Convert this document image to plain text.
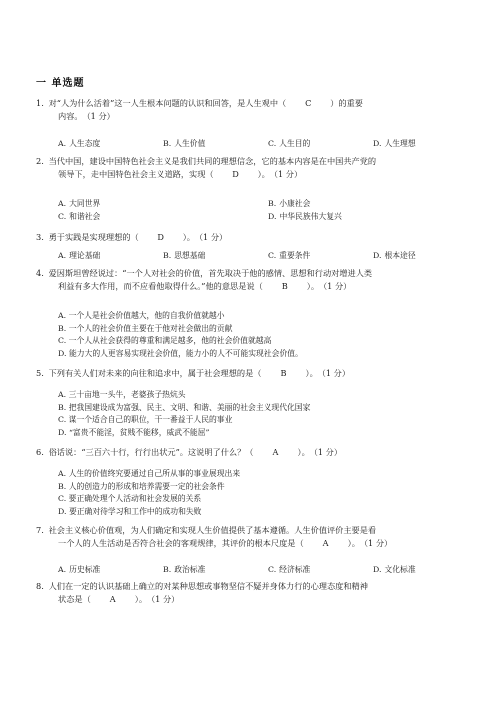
一 单选题
1. 对“人为什么活着”这一人生根本问题的认识和回答，是人生观中（ C ）的重要
内容。 （1 分）
A. 人生态度	B. 人生价值	C. 人生目的	D. 人生理想
2. 当代中国，建设中国特色社会主义是我们共同的理想信念，它的基本内容是在中国共产党的
领导下，走中国特色社会主义道路，实现（ D ）。 （1 分）
A. 大同世界	B. 小康社会
C. 和谐社会	D. 中华民族伟大复兴
3. 勇于实践是实现理想的（ D ）。 （1 分）
A. 理论基础	B. 思想基础	C. 重要条件	D. 根本途径
4. 爱因斯坦曾经说过：“一个人对社会的价值，首先取决于他的感情、思想和行动对增进人类
利益有多大作用，而不应看他取得什么。”他的意思是说（ B ）。 （1 分）
A. 一个人是社会价值越大，他的自我价值就越小
B. 一个人的社会价值主要在于他对社会做出的贡献
C. 一个人从社会获得的尊重和满足越多，他的社会价值就越高
D. 能力大的人更容易实现社会价值，能力小的人不可能实现社会价值。
5. 下列有关人们对未来的向往和追求中，属于社会理想的是（ B ）。 （1 分）
A. 三十亩地一头牛，老婆孩子热炕头
B. 把我国建设成为富强、民主、文明、和谐、美丽的社会主义现代化国家
C. 谋一个适合自己的职位，干一番益于人民的事业
D. “富贵不能淫，贫贱不能移，威武不能屈”
6. 俗话说：“三百六十行，行行出状元”。这说明了什么？（ A ）。 （1 分）
A. 人生的价值终究要通过自己所从事的事业展现出来
B. 人的创造力的形成和培养需要一定的社会条件
C. 要正确处理个人活动和社会发展的关系
D. 要正确对待学习和工作中的成功和失败
7. 社会主义核心价值观，为人们确定和实现人生价值提供了基本遵循。人生价值评价主要是看
一个人的人生活动是否符合社会的客观规律，其评价的根本尺度是（ A ）。 （1 分）
A. 历史标准	B. 政治标准	C. 经济标准	D. 文化标准
8. 人们在一定的认识基础上确立的对某种思想或事物坚信不疑并身体力行的心理态度和精神
状态是（ A ）。 （1 分）
